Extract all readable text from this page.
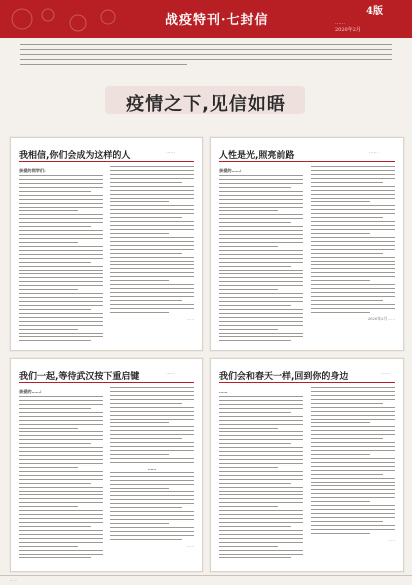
战疫特刊·七封信
4版
……
2020年2月
疫情之下,见信如晤
我相信,你们会成为这样的人	……
亲爱的同学们:
……
人性是光,照亮前路	……
亲爱的……:
2020年2月……
我们一起,等待武汉按下重启键	……
亲爱的……:
……
……
我们会和春天一样,回到你的身边	……
……
……
……
